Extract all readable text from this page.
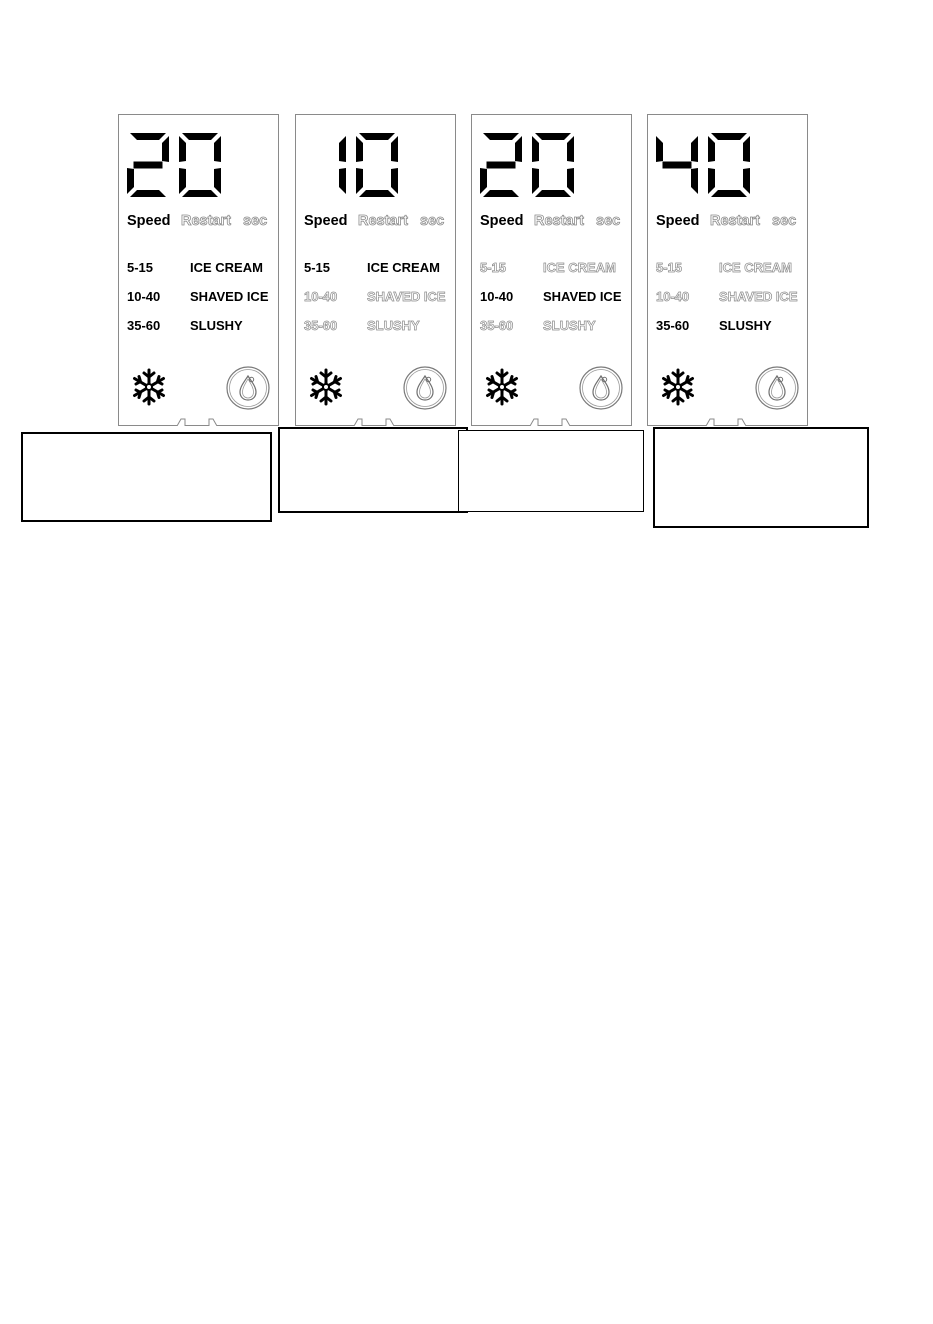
Speed Restart sec
5-15	ICE CREAM
10-40 SHAVED ICE
35-60 SLUSHY
Speed Restart sec
5-15	ICE CREAM
10-40 SHAVED ICE
35-60 SLUSHY
Speed Restart sec
5-15	ICE CREAM
10-40 SHAVED ICE
35-60 SLUSHY
Speed Restart sec
5-15	ICE CREAM
10-40 SHAVED ICE
35-60 SLUSHY
